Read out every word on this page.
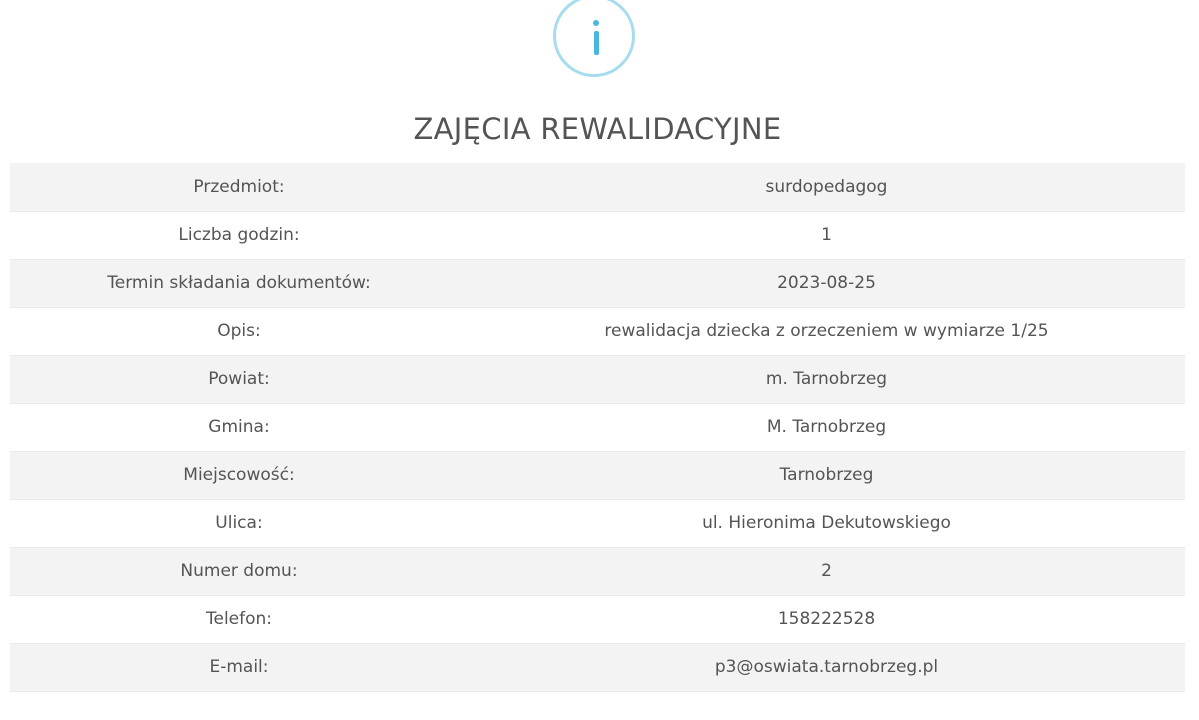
ZAJĘCIA REWALIDACYJNE
Przedmiot:	surdopedagog
Liczba godzin:	1
Termin składania dokumentów:	2023-08-25
Opis:	rewalidacja dziecka z orzeczeniem w wymiarze 1/25
Powiat:	m. Tarnobrzeg
Gmina:	M. Tarnobrzeg
Miejscowość:	Tarnobrzeg
Ulica:	ul. Hieronima Dekutowskiego
Numer domu:	2
Telefon:	158222528
E-mail:	p3@oswiata.tarnobrzeg.pl
